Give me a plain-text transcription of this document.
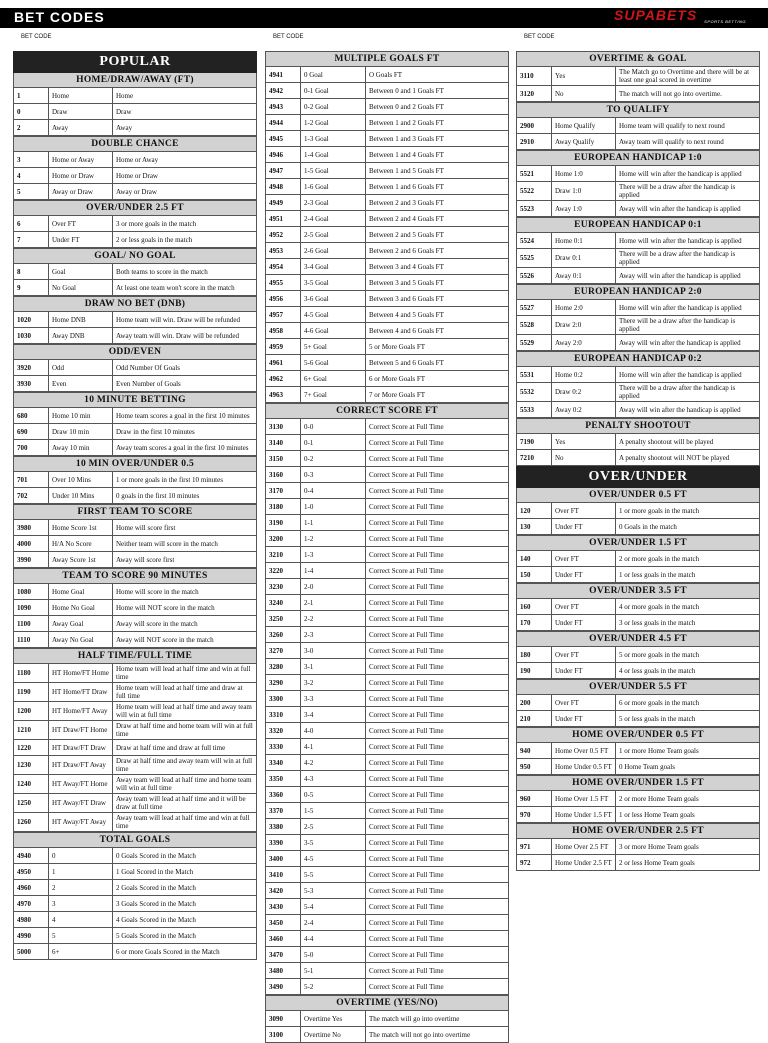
BET CODES	SUPABETS SPORTS BETTING
BET CODE
POPULAR
HOME/DRAW/AWAY (FT)
1	Home	Home
0	Draw	Draw
2	Away	Away
DOUBLE CHANCE
3	Home or Away	Home or Away
4	Home or Draw	Home or Draw
5	Away or Draw	Away or Draw
OVER/UNDER 2.5 FT
6	Over FT	3 or more goals in the match
7	Under FT	2 or less goals in the match
GOAL/ NO GOAL
8	Goal	Both teams to score in the match
9	No Goal	At least one team won't score in the match
DRAW NO BET (DNB)
1020	Home DNB	Home team will win. Draw will be refunded
1030	Away DNB	Away team will win. Draw will be refunded
ODD/EVEN
3920	Odd	Odd Number Of Goals
3930	Even	Even Number of Goals
10 MINUTE BETTING
680	Home 10 min	Home team scores a goal in the first 10 minutes
690	Draw 10 min	Draw in the first 10 minutes
700	Away 10 min	Away team scores a goal in the first 10 minutes
10 MIN OVER/UNDER 0.5
701	Over 10 Mins	1 or more goals in the first 10 minutes
702	Under 10 Mins	0 goals in the first 10 minutes
FIRST TEAM TO SCORE
3980	Home Score 1st	Home will score first
4000	H/A No Score	Neither team will score in the match
3990	Away Score 1st	Away will score first
TEAM TO SCORE 90 MINUTES
1080	Home Goal	Home will score in the match
1090	Home No Goal	Home will NOT score in the match
1100	Away Goal	Away will score in the match
1110	Away No Goal	Away will NOT score in the match
HALF TIME/FULL TIME
1180	HT Home/FT Home	Home team will lead at half time and win at full time
1190	HT Home/FT Draw	Home team will lead at half time and draw at full time
1200	HT Home/FT Away	Home team will lead at half time and away team will win at full time
1210	HT Draw/FT Home	Draw at half time and home team will win at full time
1220	HT Draw/FT Draw	Draw at half time and draw at full time
1230	HT Draw/FT Away	Draw at half time and away team will win at full time
1240	HT Away/FT Home	Away team will lead at half time and home team will win at full time
1250	HT Away/FT Draw	Away team will lead at half time and it will be draw at full time
1260	HT Away/FT Away	Away team will lead at half time and win at full time
TOTAL GOALS
4940	0	0 Goals Scored in the Match
4950	1	1 Goal Scored in the Match
4960	2	2 Goals Scored in the Match
4970	3	3 Goals Scored in the Match
4980	4	4 Goals Scored in the Match
4990	5	5 Goals Scored in the Match
5000	6+	6 or more Goals Scored in the Match
BET CODE
MULTIPLE GOALS FT
4941	0 Goal	O Goals FT
4942	0-1 Goal	Between 0 and 1 Goals FT
4943	0-2 Goal	Between 0 and 2 Goals FT
4944	1-2 Goal	Between 1 and 2 Goals FT
4945	1-3 Goal	Between 1 and 3 Goals FT
4946	1-4 Goal	Between 1 and 4 Goals FT
4947	1-5 Goal	Between 1 and 5 Goals FT
4948	1-6 Goal	Between 1 and 6 Goals FT
4949	2-3 Goal	Between 2 and 3 Goals FT
4951	2-4 Goal	Between 2 and 4 Goals FT
4952	2-5 Goal	Between 2 and 5 Goals FT
4953	2-6 Goal	Between 2 and 6 Goals FT
4954	3-4 Goal	Between 3 and 4 Goals FT
4955	3-5 Goal	Between 3 and 5 Goals FT
4956	3-6 Goal	Between 3 and 6 Goals FT
4957	4-5 Goal	Between 4 and 5 Goals FT
4958	4-6 Goal	Between 4 and 6 Goals FT
4959	5+ Goal	5 or More Goals FT
4961	5-6 Goal	Between 5 and 6 Goals FT
4962	6+ Goal	6 or More Goals FT
4963	7+ Goal	7 or More Goals FT
CORRECT SCORE FT
3130	0-0	Correct Score at Full Time
3140	0-1	Correct Score at Full Time
3150	0-2	Correct Score at Full Time
3160	0-3	Correct Score at Full Time
3170	0-4	Correct Score at Full Time
3180	1-0	Correct Score at Full Time
3190	1-1	Correct Score at Full Time
3200	1-2	Correct Score at Full Time
3210	1-3	Correct Score at Full Time
3220	1-4	Correct Score at Full Time
3230	2-0	Correct Score at Full Time
3240	2-1	Correct Score at Full Time
3250	2-2	Correct Score at Full Time
3260	2-3	Correct Score at Full Time
3270	3-0	Correct Score at Full Time
3280	3-1	Correct Score at Full Time
3290	3-2	Correct Score at Full Time
3300	3-3	Correct Score at Full Time
3310	3-4	Correct Score at Full Time
3320	4-0	Correct Score at Full Time
3330	4-1	Correct Score at Full Time
3340	4-2	Correct Score at Full Time
3350	4-3	Correct Score at Full Time
3360	0-5	Correct Score at Full Time
3370	1-5	Correct Score at Full Time
3380	2-5	Correct Score at Full Time
3390	3-5	Correct Score at Full Time
3400	4-5	Correct Score at Full Time
3410	5-5	Correct Score at Full Time
3420	5-3	Correct Score at Full Time
3430	5-4	Correct Score at Full Time
3450	2-4	Correct Score at Full Time
3460	4-4	Correct Score at Full Time
3470	5-0	Correct Score at Full Time
3480	5-1	Correct Score at Full Time
3490	5-2	Correct Score at Full Time
OVERTIME (YES/NO)
3090	Overtime Yes	The match will go into overtime
3100	Overtime No	The match will not go into overtime
BET CODE
OVERTIME & GOAL
3110	Yes	The Match go to Overtime and there will be at least one goal scored in overtime
3120	No	The match will not go into overtime.
TO QUALIFY
2900	Home Qualify	Home team will qualify to next round
2910	Away Qualify	Away team will qualify to next round
EUROPEAN HANDICAP 1:0
5521	Home 1:0	Home will win after the handicap is applied
5522	Draw 1:0	There will be a draw after the handicap is applied
5523	Away 1:0	Away will win after the handicap is applied
EUROPEAN HANDICAP 0:1
5524	Home 0:1	Home will win after the handicap is applied
5525	Draw 0:1	There will be a draw after the handicap is applied
5526	Away 0:1	Away will win after the handicap is applied
EUROPEAN HANDICAP 2:0
5527	Home 2:0	Home will win after the handicap is applied
5528	Draw 2:0	There will be a draw after the handicap is applied
5529	Away 2:0	Away will win after the handicap is applied
EUROPEAN HANDICAP 0:2
5531	Home 0:2	Home will win after the handicap is applied
5532	Draw 0:2	There will be a draw after the handicap is applied
5533	Away 0:2	Away will win after the handicap is applied
PENALTY SHOOTOUT
7190	Yes	A penalty shootout will be played
7210	No	A penalty shootout will NOT be played
OVER/UNDER
OVER/UNDER 0.5 FT
120	Over FT	1 or more goals in the match
130	Under FT	0 Goals in the match
OVER/UNDER 1.5 FT
140	Over FT	2 or more goals in the match
150	Under FT	1 or less goals in the match
OVER/UNDER 3.5 FT
160	Over FT	4 or more goals in the match
170	Under FT	3 or less goals in the match
OVER/UNDER 4.5 FT
180	Over FT	5 or more goals in the match
190	Under FT	4 or less goals in the match
OVER/UNDER 5.5 FT
200	Over FT	6 or more goals in the match
210	Under FT	5 or less goals in the match
HOME OVER/UNDER 0.5 FT
940	Home Over 0.5 FT	1 or more Home Team goals
950	Home Under 0.5 FT	0 Home Team goals
HOME OVER/UNDER 1.5 FT
960	Home Over 1.5 FT	2 or more Home Team goals
970	Home Under 1.5 FT	1 or less Home Team goals
HOME OVER/UNDER 2.5 FT
971	Home Over 2.5 FT	3 or more Home Team goals
972	Home Under 2.5 FT	2 or less Home Team goals
